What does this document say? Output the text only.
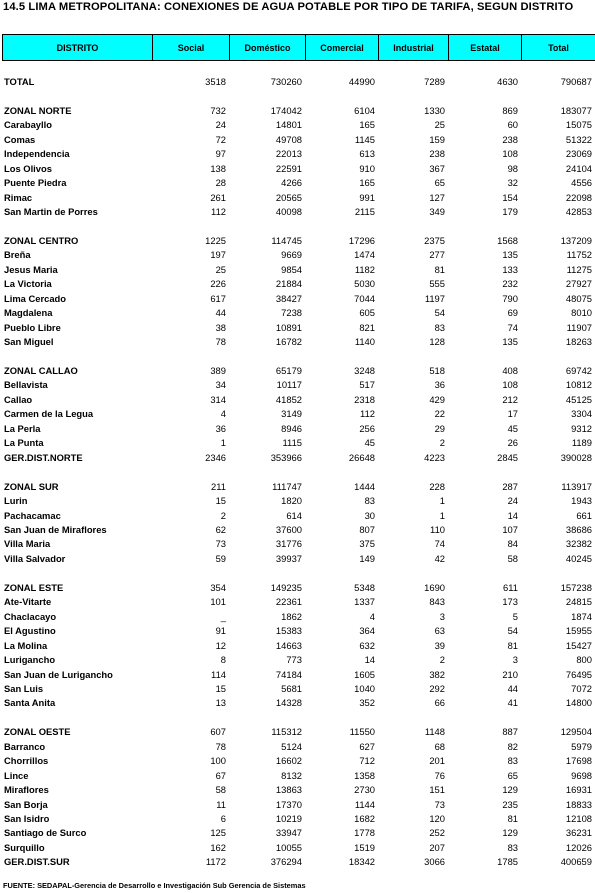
14.5 LIMA METROPOLITANA: CONEXIONES DE AGUA POTABLE POR TIPO DE TARIFA, SEGUN DISTRITO
DISTRITO	Social	Doméstico	Comercial	Industrial	Estatal	Total
TOTAL	3518	730260	44990	7289	4630	790687

ZONAL NORTE	732	174042	6104	1330	869	183077
Carabayllo	24	14801	165	25	60	15075
Comas	72	49708	1145	159	238	51322
Independencia	97	22013	613	238	108	23069
Los Olivos	138	22591	910	367	98	24104
Puente Piedra	28	4266	165	65	32	4556
Rimac	261	20565	991	127	154	22098
San Martin de Porres	112	40098	2115	349	179	42853

ZONAL CENTRO	1225	114745	17296	2375	1568	137209
Breña	197	9669	1474	277	135	11752
Jesus Maria	25	9854	1182	81	133	11275
La Victoria	226	21884	5030	555	232	27927
Lima Cercado	617	38427	7044	1197	790	48075
Magdalena	44	7238	605	54	69	8010
Pueblo Libre	38	10891	821	83	74	11907
San Miguel	78	16782	1140	128	135	18263

ZONAL CALLAO	389	65179	3248	518	408	69742
Bellavista	34	10117	517	36	108	10812
Callao	314	41852	2318	429	212	45125
Carmen de la Legua	4	3149	112	22	17	3304
La Perla	36	8946	256	29	45	9312
La Punta	1	1115	45	2	26	1189
GER.DIST.NORTE	2346	353966	26648	4223	2845	390028

ZONAL SUR	211	111747	1444	228	287	113917
Lurin	15	1820	83	1	24	1943
Pachacamac	2	614	30	1	14	661
San Juan de Miraflores	62	37600	807	110	107	38686
Villa Maria	73	31776	375	74	84	32382
Villa Salvador	59	39937	149	42	58	40245

ZONAL ESTE	354	149235	5348	1690	611	157238
Ate-Vitarte	101	22361	1337	843	173	24815
Chaclacayo	_	1862	4	3	5	1874
El Agustino	91	15383	364	63	54	15955
La Molina	12	14663	632	39	81	15427
Lurigancho	8	773	14	2	3	800
San Juan de Lurigancho	114	74184	1605	382	210	76495
San Luis	15	5681	1040	292	44	7072
Santa Anita	13	14328	352	66	41	14800

ZONAL OESTE	607	115312	11550	1148	887	129504
Barranco	78	5124	627	68	82	5979
Chorrillos	100	16602	712	201	83	17698
Lince	67	8132	1358	76	65	9698
Miraflores	58	13863	2730	151	129	16931
San Borja	11	17370	1144	73	235	18833
San Isidro	6	10219	1682	120	81	12108
Santiago de Surco	125	33947	1778	252	129	36231
Surquillo	162	10055	1519	207	83	12026
GER.DIST.SUR	1172	376294	18342	3066	1785	400659
FUENTE: SEDAPAL-Gerencia de Desarrollo e Investigación Sub Gerencia de Sistemas
